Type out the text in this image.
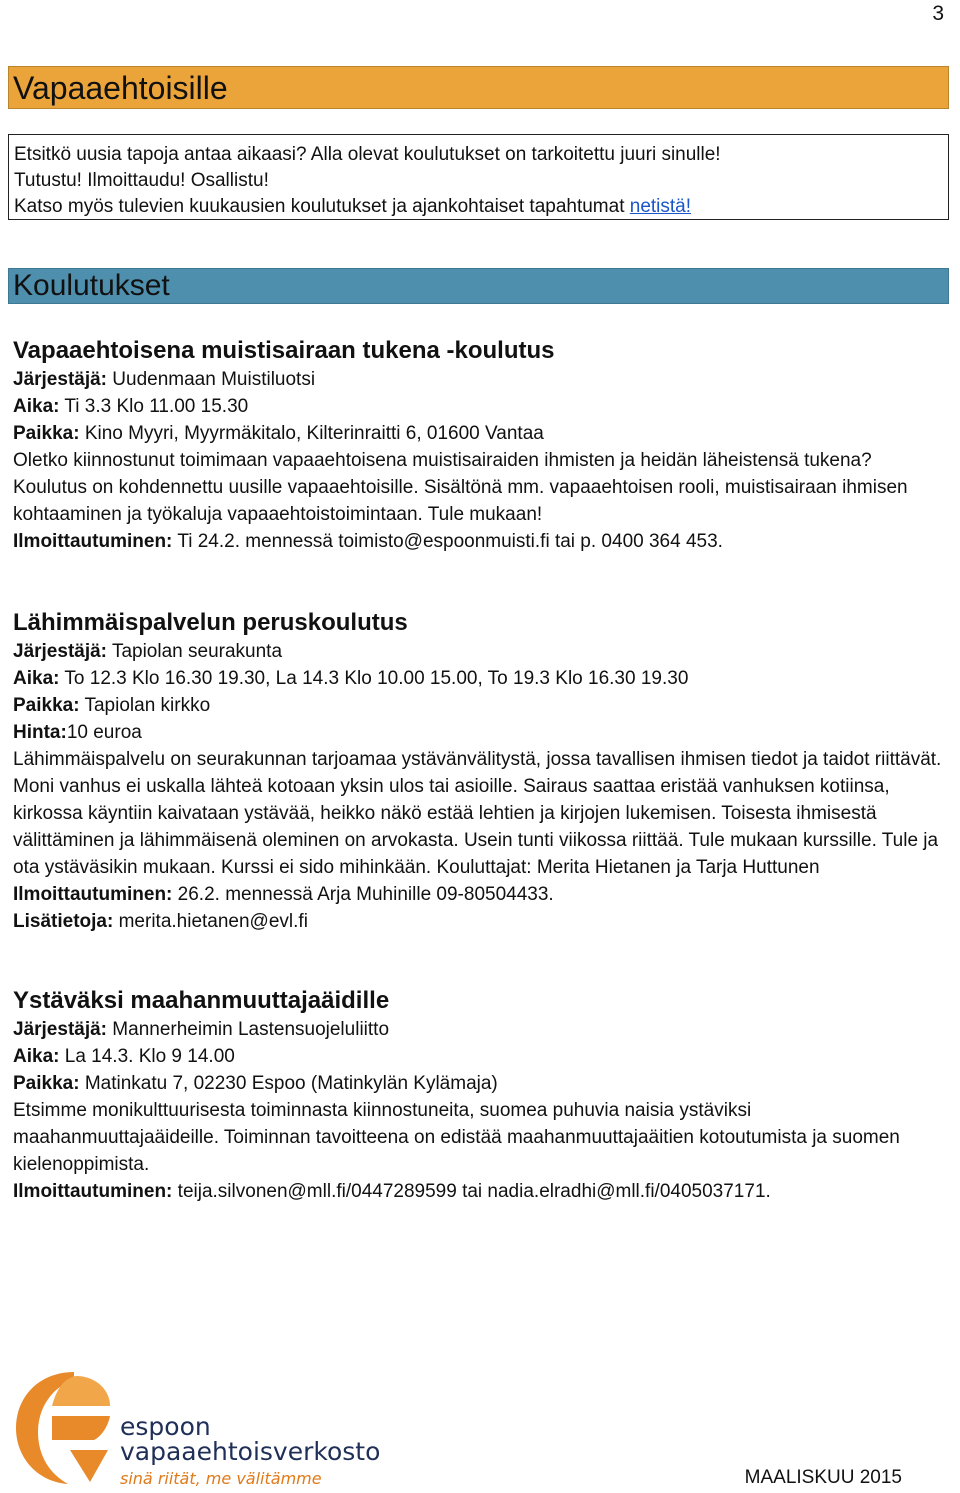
3
Vapaaehtoisille
Etsitkö uusia tapoja antaa aikaasi? Alla olevat koulutukset on tarkoitettu juuri sinulle!
Tutustu! Ilmoittaudu! Osallistu!
Katso myös tulevien kuukausien koulutukset ja ajankohtaiset tapahtumat netistä!
Koulutukset
Vapaaehtoisena muistisairaan tukena -koulutus

Järjestäjä: Uudenmaan Muistiluotsi

Aika: Ti 3.3 Klo 11.00 15.30

Paikka: Kino Myyri, Myyrmäkitalo, Kilterinraitti 6, 01600 Vantaa

Oletko kiinnostunut toimimaan vapaaehtoisena muistisairaiden ihmisten ja heidän läheistensä tukena? Koulutus on kohdennettu uusille vapaaehtoisille. Sisältönä mm. vapaaehtoisen rooli, muistisairaan ihmisen kohtaaminen ja työkaluja vapaaehtoistoimintaan. Tule mukaan!

Ilmoittautuminen: Ti 24.2. mennessä toimisto@espoonmuisti.fi tai p. 0400 364 453.

Lähimmäispalvelun peruskoulutus

Järjestäjä: Tapiolan seurakunta

Aika: To 12.3 Klo 16.30 19.30, La 14.3 Klo 10.00 15.00, To 19.3 Klo 16.30 19.30

Paikka: Tapiolan kirkko

Hinta:10 euroa

Lähimmäispalvelu on seurakunnan tarjoamaa ystävänvälitystä, jossa tavallisen ihmisen tiedot ja taidot riittävät. Moni vanhus ei uskalla lähteä kotoaan yksin ulos tai asioille. Sairaus saattaa eristää vanhuksen kotiinsa, kirkossa käyntiin kaivataan ystävää, heikko näkö estää lehtien ja kirjojen lukemisen. Toisesta ihmisestä välittäminen ja lähimmäisenä oleminen on arvokasta. Usein tunti viikossa riittää. Tule mukaan kurssille. Tule ja ota ystäväsikin mukaan. Kurssi ei sido mihinkään. Kouluttajat: Merita Hietanen ja Tarja Huttunen

Ilmoittautuminen: 26.2. mennessä Arja Muhinille 09-80504433.

Lisätietoja: merita.hietanen@evl.fi

Ystäväksi maahanmuuttajaäidille

Järjestäjä: Mannerheimin Lastensuojeluliitto

Aika: La 14.3. Klo 9 14.00

Paikka: Matinkatu 7, 02230 Espoo (Matinkylän Kylämaja)

Etsimme monikulttuurisesta toiminnasta kiinnostuneita, suomea puhuvia naisia ystäviksi maahanmuuttajaäideille. Toiminnan tavoitteena on edistää maahanmuuttajaäitien kotoutumista ja suomen kielenoppimista.

Ilmoittautuminen: teija.silvonen@mll.fi/0447289599 tai nadia.elradhi@mll.fi/0405037171.

espoon
vapaaehtoisverkosto
sinä riität, me välitämme	MAALISKUU 2015
